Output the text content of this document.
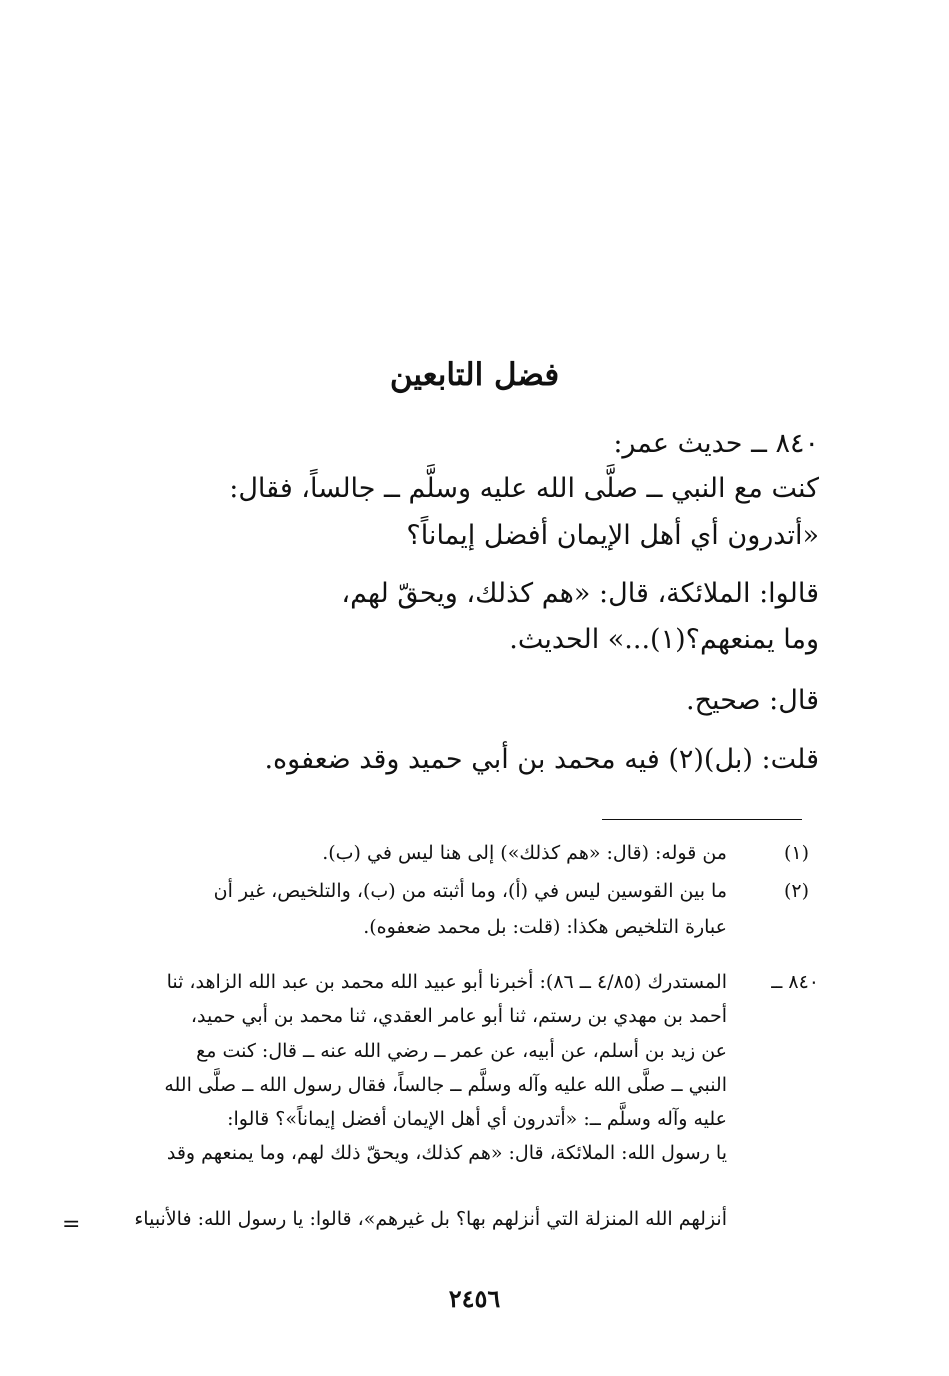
فضل التابعين
٨٤٠ ــ حديث عمر:
كنت مع النبي ــ صلَّى الله عليه وسلَّم ــ جالساً، فقال:
«أتدرون أي أهل الإيمان أفضل إيماناً؟
قالوا: الملائكة، قال: «هم كذلك، ويحقّ لهم،
وما يمنعهم؟(١)...» الحديث.
قال: صحيح.
قلت: (بل)(٢) فيه محمد بن أبي حميد وقد ضعفوه.
(١)
من قوله: (قال: «هم كذلك») إلى هنا ليس في (ب).
(٢)
ما بين القوسين ليس في (أ)، وما أثبته من (ب)، والتلخيص، غير أن
عبارة التلخيص هكذا: (قلت: بل محمد ضعفوه).
٨٤٠ ــ
المستدرك (٤/٨٥ ــ ٨٦): أخبرنا أبو عبيد الله محمد بن عبد الله الزاهد، ثنا
أحمد بن مهدي بن رستم، ثنا أبو عامر العقدي، ثنا محمد بن أبي حميد،
عن زيد بن أسلم، عن أبيه، عن عمر ــ رضي الله عنه ــ قال: كنت مع
النبي ــ صلَّى الله عليه وآله وسلَّم ــ جالساً، فقال رسول الله ــ صلَّى الله
عليه وآله وسلَّم ــ: «أتدرون أي أهل الإيمان أفضل إيماناً»؟ قالوا:
يا رسول الله: الملائكة، قال: «هم كذلك، ويحقّ ذلك لهم، وما يمنعهم وقد
أنزلهم الله المنزلة التي أنزلهم بها؟ بل غيرهم»، قالوا: يا رسول الله: فالأنبياء
=
٢٤٥٦
